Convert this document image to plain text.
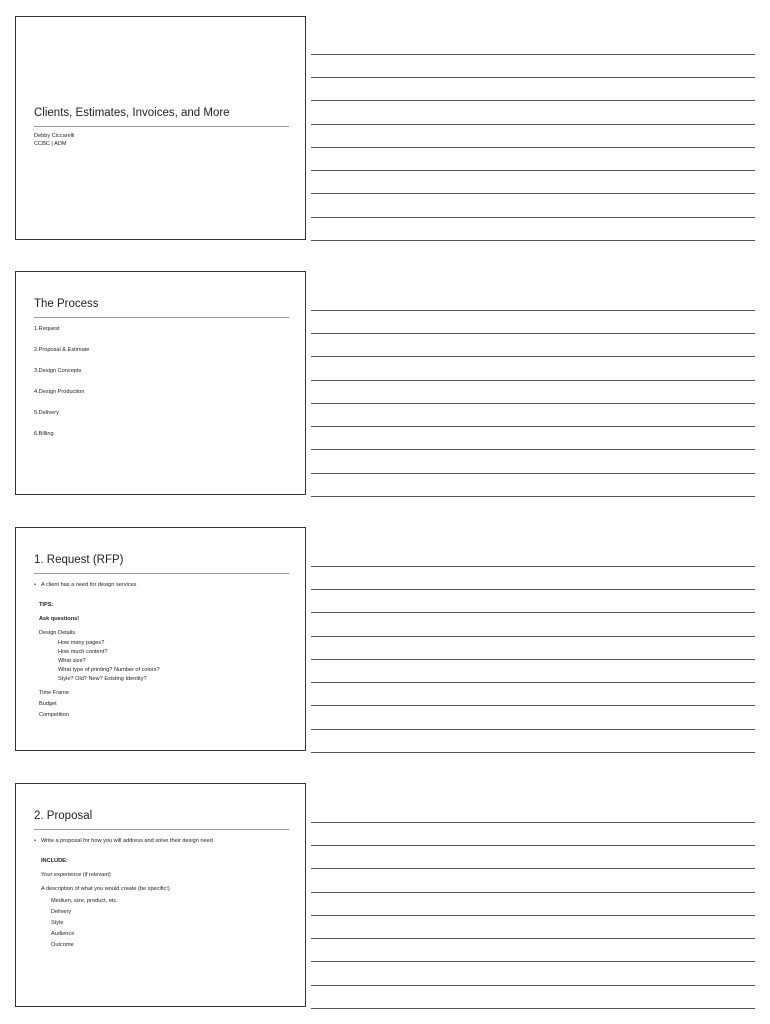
Clients, Estimates, Invoices, and More
Debby Ciccarelli
CCBC | ADM
The Process
1.Request
2.Proposal & Estimate
3.Design Concepts
4.Design Production
5.Delivery
6.Billing
1. Request (RFP)
• A client has a need for design services
TIPS:
Ask questions!
Design Details
How many pages?
How much content?
What size?
What type of printing? Number of colors?
Style? Old? New? Existing Identity?
Time Frame
Budget
Competition
2. Proposal
• Write a proposal for how you will address and solve their design need
INCLUDE:
Your experience (if relevant)
A description of what you would create (be specific!)
Medium, size, product, etc.
Delivery
Style
Audience
Outcome
